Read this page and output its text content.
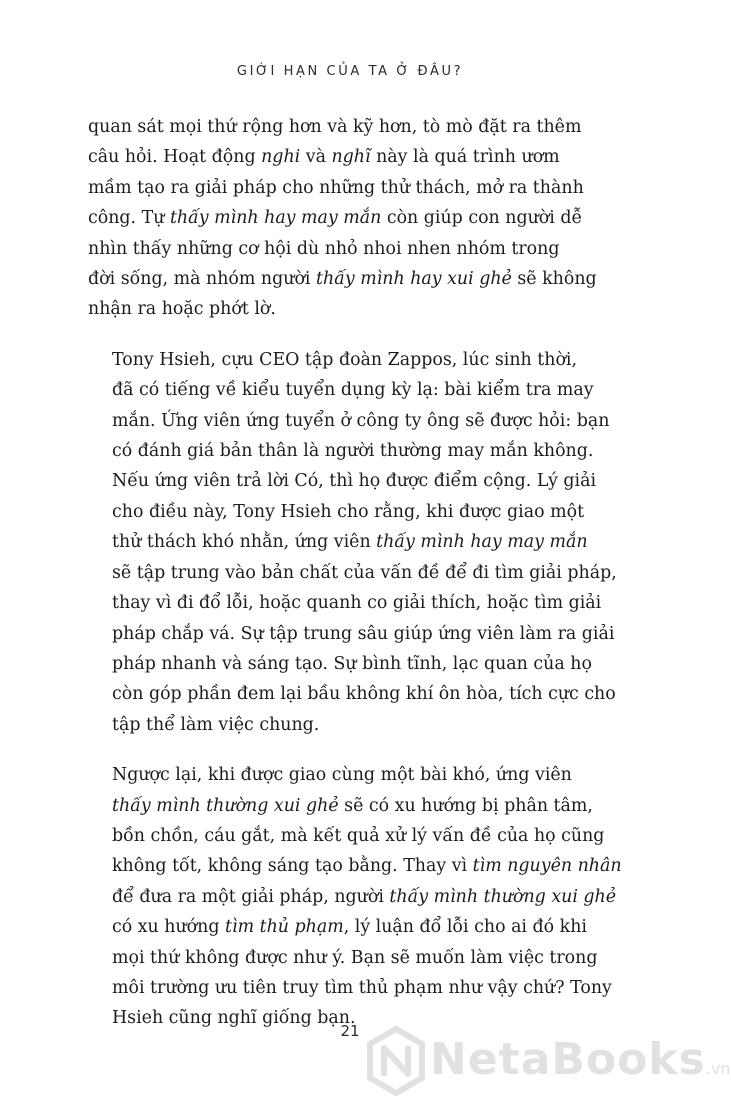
GIỚI HẠN CỦA TA Ở ĐÂU?

quan sát mọi thứ rộng hơn và kỹ hơn, tò mò đặt ra thêm
câu hỏi. Hoạt động nghi và nghĩ này là quá trình ươm
mầm tạo ra giải pháp cho những thử thách, mở ra thành
công. Tự thấy mình hay may mắn còn giúp con người dễ
nhìn thấy những cơ hội dù nhỏ nhoi nhen nhóm trong
đời sống, mà nhóm người thấy mình hay xui ghẻ sẽ không
nhận ra hoặc phớt lờ.

Tony Hsieh, cựu CEO tập đoàn Zappos, lúc sinh thời,
đã có tiếng về kiểu tuyển dụng kỳ lạ: bài kiểm tra may
mắn. Ứng viên ứng tuyển ở công ty ông sẽ được hỏi: bạn
có đánh giá bản thân là người thường may mắn không.
Nếu ứng viên trả lời Có, thì họ được điểm cộng. Lý giải
cho điều này, Tony Hsieh cho rằng, khi được giao một
thử thách khó nhằn, ứng viên thấy mình hay may mắn
sẽ tập trung vào bản chất của vấn đề để đi tìm giải pháp,
thay vì đi đổ lỗi, hoặc quanh co giải thích, hoặc tìm giải
pháp chắp vá. Sự tập trung sâu giúp ứng viên làm ra giải
pháp nhanh và sáng tạo. Sự bình tĩnh, lạc quan của họ
còn góp phần đem lại bầu không khí ôn hòa, tích cực cho
tập thể làm việc chung.

Ngược lại, khi được giao cùng một bài khó, ứng viên
thấy mình thường xui ghẻ sẽ có xu hướng bị phân tâm,
bồn chồn, cáu gắt, mà kết quả xử lý vấn đề của họ cũng
không tốt, không sáng tạo bằng. Thay vì tìm nguyên nhân
để đưa ra một giải pháp, người thấy mình thường xui ghẻ
có xu hướng tìm thủ phạm, lý luận đổ lỗi cho ai đó khi
mọi thứ không được như ý. Bạn sẽ muốn làm việc trong
môi trường ưu tiên truy tìm thủ phạm như vậy chứ? Tony
Hsieh cũng nghĩ giống bạn.

21
NetaBooks.vn
